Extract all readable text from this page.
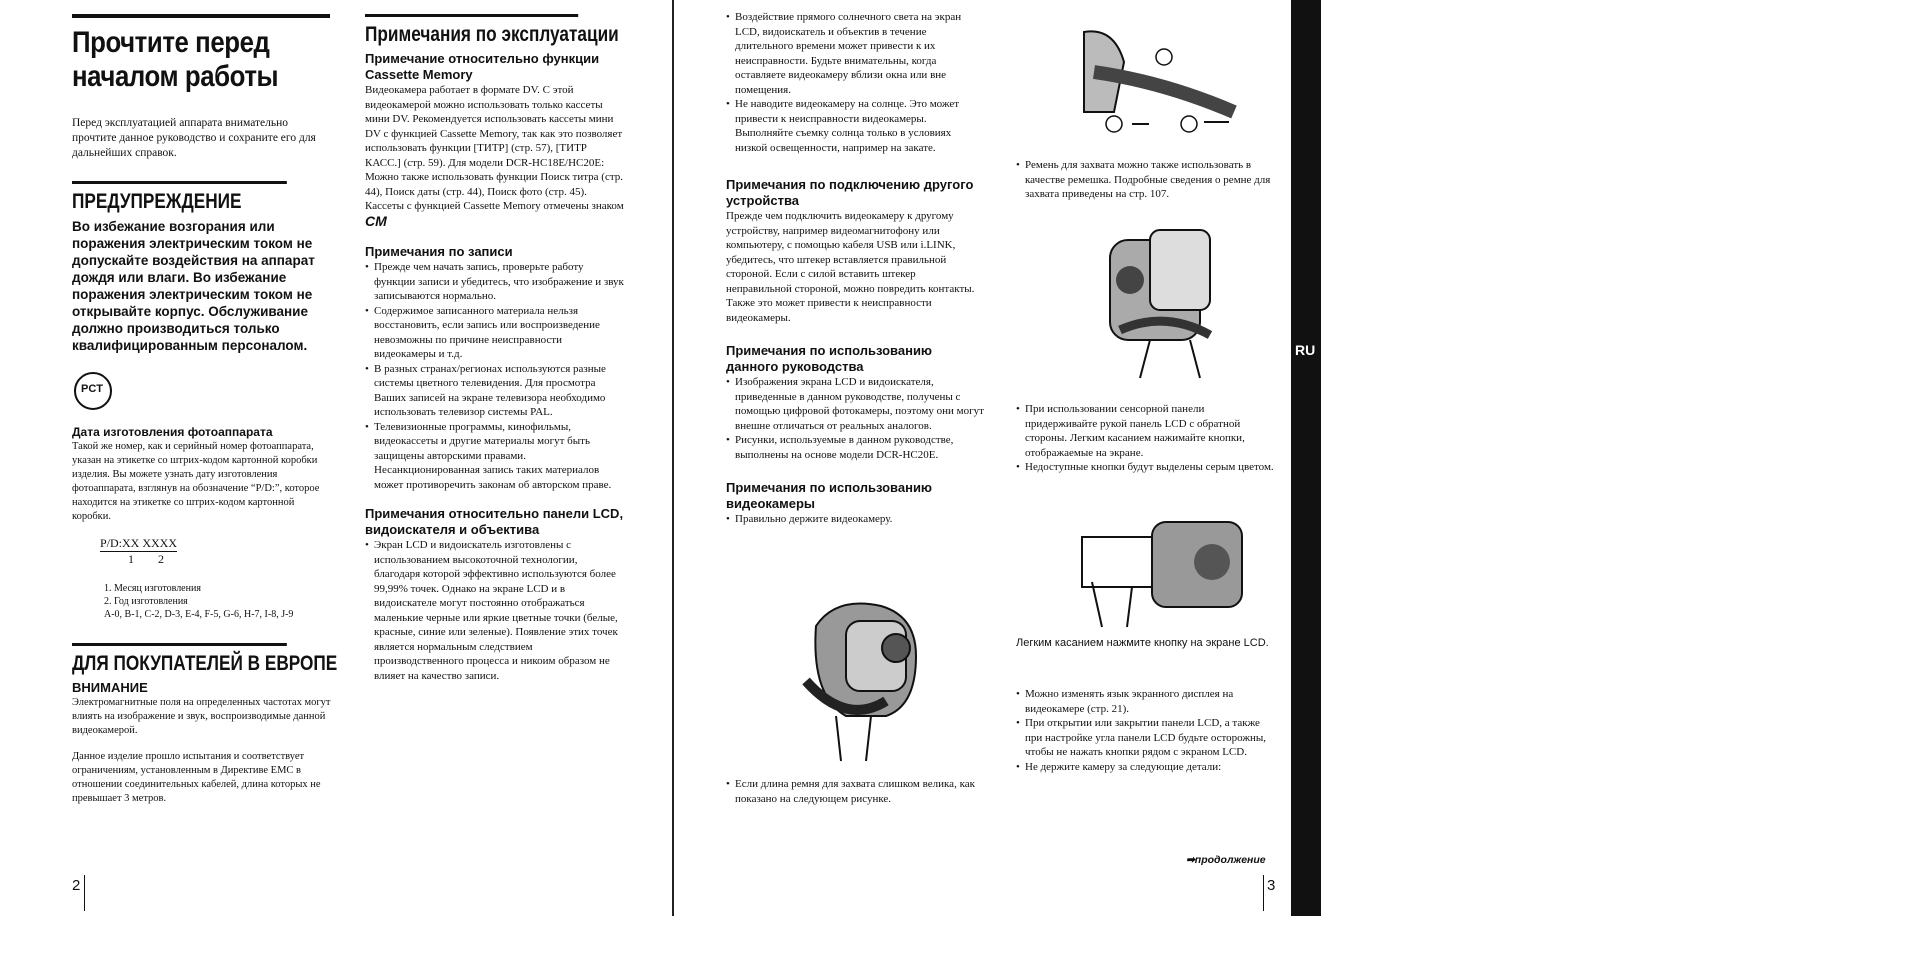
Прочтите перед началом работы

Перед эксплуатацией аппарата внимательно прочтите данное руководство и сохраните его для дальнейших справок.

ПРЕДУПРЕЖДЕНИЕ

Во избежание возгорания или поражения электрическим током не допускайте воздействия на аппарат дождя или влаги. Во избежание поражения электрическим током не открывайте корпус. Обслуживание должно производиться только квалифицированным персоналом.

PCT

Дата изготовления фотоаппарата

Такой же номер, как и серийный номер фотоаппарата, указан на этикетке со штрих-кодом картонной коробки изделия. Вы можете узнать дату изготовления фотоаппарата, взглянув на обозначение “P/D:”, которое находится на этикетке со штрих-кодом картонной коробки.

P/D:XX XXXX
1 2
1. Месяц изготовления
2. Год изготовления
A-0, B-1, C-2, D-3, E-4, F-5, G-6, H-7, I-8, J-9
ДЛЯ ПОКУПАТЕЛЕЙ В ЕВРОПЕ

ВНИМАНИЕ

Электромагнитные поля на определенных частотах могут влиять на изображение и звук, воспроизводимые данной видеокамерой.

Данное изделие прошло испытания и соответствует ограничениям, установленным в Директиве EMC в отношении соединительных кабелей, длина которых не превышает 3 метров.

Примечания по эксплуатации

Примечание относительно функции Cassette Memory

Видеокамера работает в формате DV. С этой видеокамерой можно использовать только кассеты мини DV. Рекомендуется использовать кассеты мини DV с функцией Cassette Memory, так как это позволяет использовать функции [ТИТР] (стр. 57), [ТИТР КАСС.] (стр. 59). Для модели DCR-HC18E/HC20E: Можно также использовать функции Поиск титра (стр. 44), Поиск даты (стр. 44), Поиск фото (стр. 45). Кассеты с функцией Cassette Memory отмечены знаком CM

Примечания по записи

• Прежде чем начать запись, проверьте работу функции записи и убедитесь, что изображение и звук записываются нормально.
• Содержимое записанного материала нельзя восстановить, если запись или воспроизведение невозможны по причине неисправности видеокамеры и т.д.
• В разных странах/регионах используются разные системы цветного телевидения. Для просмотра Ваших записей на экране телевизора необходимо использовать телевизор системы PAL.
• Телевизионные программы, кинофильмы, видеокассеты и другие материалы могут быть защищены авторскими правами. Несанкционированная запись таких материалов может противоречить законам об авторском праве.

Примечания относительно панели LCD, видоискателя и объектива

• Экран LCD и видоискатель изготовлены с использованием высокоточной технологии, благодаря которой эффективно используются более 99,99% точек. Однако на экране LCD и в видоискателе могут постоянно отображаться маленькие черные или яркие цветные точки (белые, красные, синие или зеленые). Появление этих точек является нормальным следствием производственного процесса и никоим образом не влияет на качество записи.
2
• Воздействие прямого солнечного света на экран LCD, видоискатель и объектив в течение длительного времени может привести к их неисправности. Будьте внимательны, когда оставляете видеокамеру вблизи окна или вне помещения.
• Не наводите видеокамеру на солнце. Это может привести к неисправности видеокамеры. Выполняйте съемку солнца только в условиях низкой освещенности, например на закате.

Примечания по подключению другого устройства

Прежде чем подключить видеокамеру к другому устройству, например видеомагнитофону или компьютеру, с помощью кабеля USB или i.LINK, убедитесь, что штекер вставляется правильной стороной. Если с силой вставить штекер неправильной стороной, можно повредить контакты. Также это может привести к неисправности видеокамеры.

Примечания по использованию данного руководства

• Изображения экрана LCD и видоискателя, приведенные в данном руководстве, получены с помощью цифровой фотокамеры, поэтому они могут внешне отличаться от реальных аналогов.
• Рисунки, используемые в данном руководстве, выполнены на основе модели DCR-HC20E.

Примечания по использованию видеокамеры

• Правильно держите видеокамеру.
• Если длина ремня для захвата слишком велика, как показано на следующем рисунке.
• Ремень для захвата можно также использовать в качестве ремешка. Подробные сведения о ремне для захвата приведены на стр. 107.
• При использовании сенсорной панели придерживайте рукой панель LCD с обратной стороны. Легким касанием нажимайте кнопки, отображаемые на экране.
• Недоступные кнопки будут выделены серым цветом.
Легким касанием нажмите кнопку на экране LCD.
• Можно изменять язык экранного дисплея на видеокамере (стр. 21).
• При открытии или закрытии панели LCD, а также при настройке угла панели LCD будьте осторожны, чтобы не нажать кнопки рядом с экраном LCD.
• Не держите камеру за следующие детали:
➡продолжение
3
RU
